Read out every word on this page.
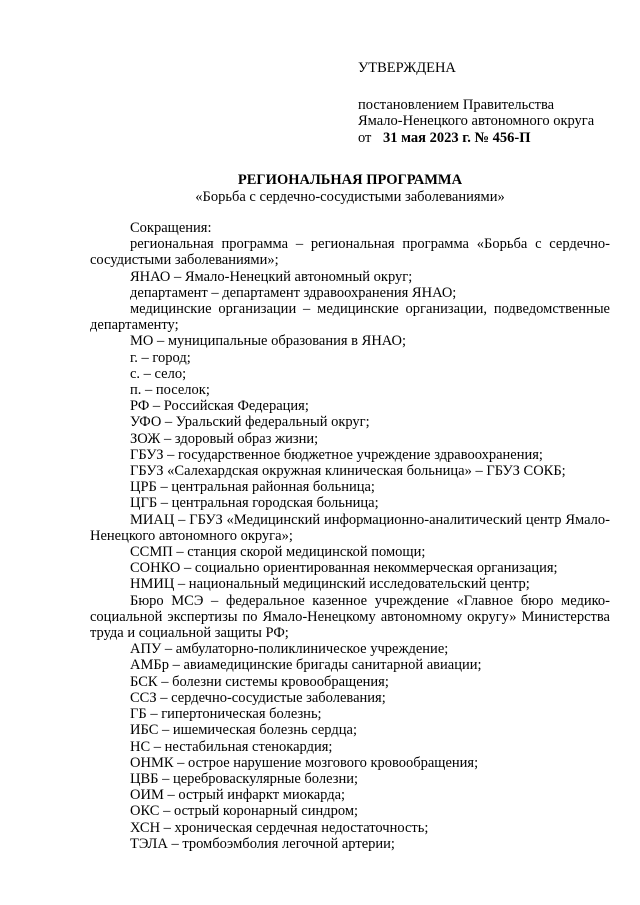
УТВЕРЖДЕНА

постановлением Правительства

Ямало-Ненецкого автономного округа

от 31 мая 2023 г. № 456-П

РЕГИОНАЛЬНАЯ ПРОГРАММА

«Борьба с сердечно-сосудистыми заболеваниями»

Сокращения:

региональная программа – региональная программа «Борьба с сердечно-сосудистыми заболеваниями»;

ЯНАО – Ямало-Ненецкий автономный округ;

департамент – департамент здравоохранения ЯНАО;

медицинские организации – медицинские организации, подведомственные департаменту;

МО – муниципальные образования в ЯНАО;

г. – город;

с. – село;

п. – поселок;

РФ – Российская Федерация;

УФО – Уральский федеральный округ;

ЗОЖ – здоровый образ жизни;

ГБУЗ – государственное бюджетное учреждение здравоохранения;

ГБУЗ «Салехардская окружная клиническая больница» – ГБУЗ СОКБ;

ЦРБ – центральная районная больница;

ЦГБ – центральная городская больница;

МИАЦ – ГБУЗ «Медицинский информационно-аналитический центр Ямало-Ненецкого автономного округа»;

ССМП – станция скорой медицинской помощи;

СОНКО – социально ориентированная некоммерческая организация;

НМИЦ – национальный медицинский исследовательский центр;

Бюро МСЭ – федеральное казенное учреждение «Главное бюро медико-социальной экспертизы по Ямало-Ненецкому автономному округу» Министерства труда и социальной защиты РФ;

АПУ – амбулаторно-поликлиническое учреждение;

АМБр – авиамедицинские бригады санитарной авиации;

БСК – болезни системы кровообращения;

ССЗ – сердечно-сосудистые заболевания;

ГБ – гипертоническая болезнь;

ИБС – ишемическая болезнь сердца;

НС – нестабильная стенокардия;

ОНМК – острое нарушение мозгового кровообращения;

ЦВБ – цереброваскулярные болезни;

ОИМ – острый инфаркт миокарда;

ОКС – острый коронарный синдром;

ХСН – хроническая сердечная недостаточность;

ТЭЛА – тромбоэмболия легочной артерии;
